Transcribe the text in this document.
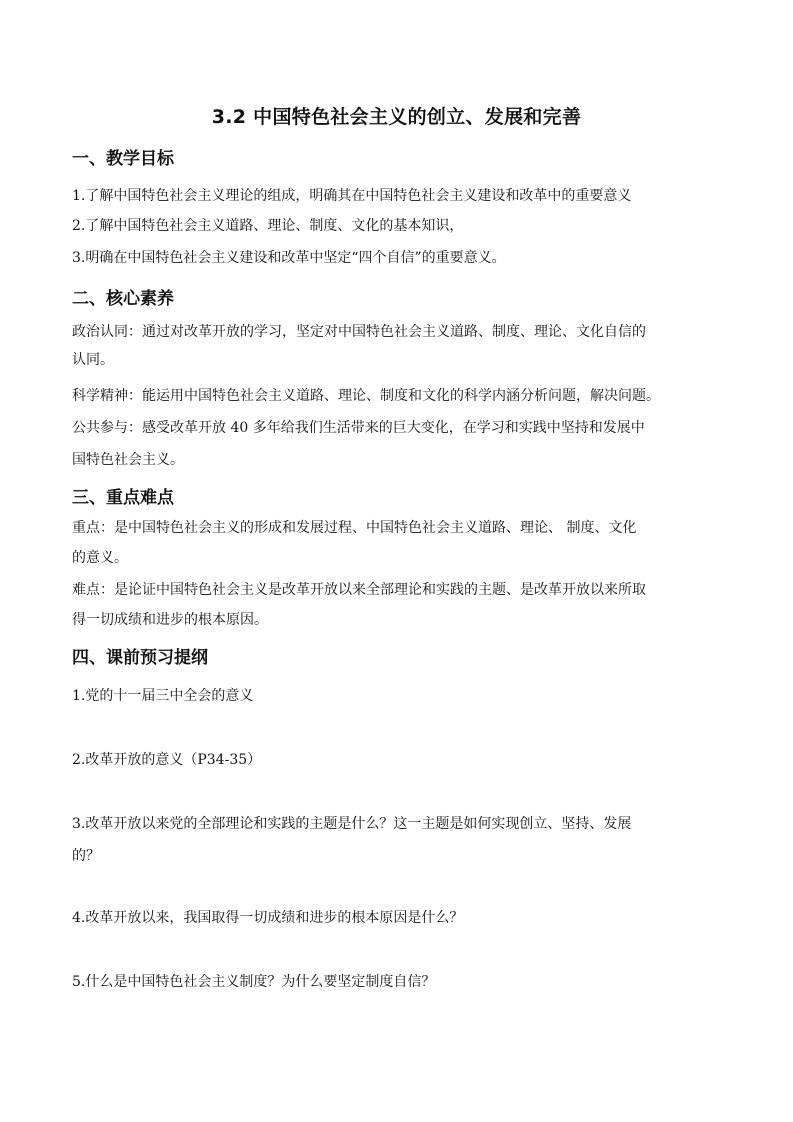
3.2 中国特色社会主义的创立、发展和完善
一、教学目标
1.了解中国特色社会主义理论的组成，明确其在中国特色社会主义建设和改革中的重要意义
2.了解中国特色社会主义道路、理论、制度、文化的基本知识，
3.明确在中国特色社会主义建设和改革中坚定“四个自信”的重要意义。
二、核心素养
政治认同：通过对改革开放的学习，坚定对中国特色社会主义道路、制度、理论、文化自信的
认同。
科学精神：能运用中国特色社会主义道路、理论、制度和文化的科学内涵分析问题，解决问题。
公共参与：感受改革开放 40 多年给我们生活带来的巨大变化，在学习和实践中坚持和发展中
国特色社会主义。
三、重点难点
重点：是中国特色社会主义的形成和发展过程、中国特色社会主义道路、理论、 制度、文化
的意义。
难点：是论证中国特色社会主义是改革开放以来全部理论和实践的主题、是改革开放以来所取
得一切成绩和进步的根本原因。
四、课前预习提纲
1.党的十一届三中全会的意义
2.改革开放的意义（P34-35）
3.改革开放以来党的全部理论和实践的主题是什么？这一主题是如何实现创立、坚持、发展
的？
4.改革开放以来，我国取得一切成绩和进步的根本原因是什么？
5.什么是中国特色社会主义制度？为什么要坚定制度自信？
